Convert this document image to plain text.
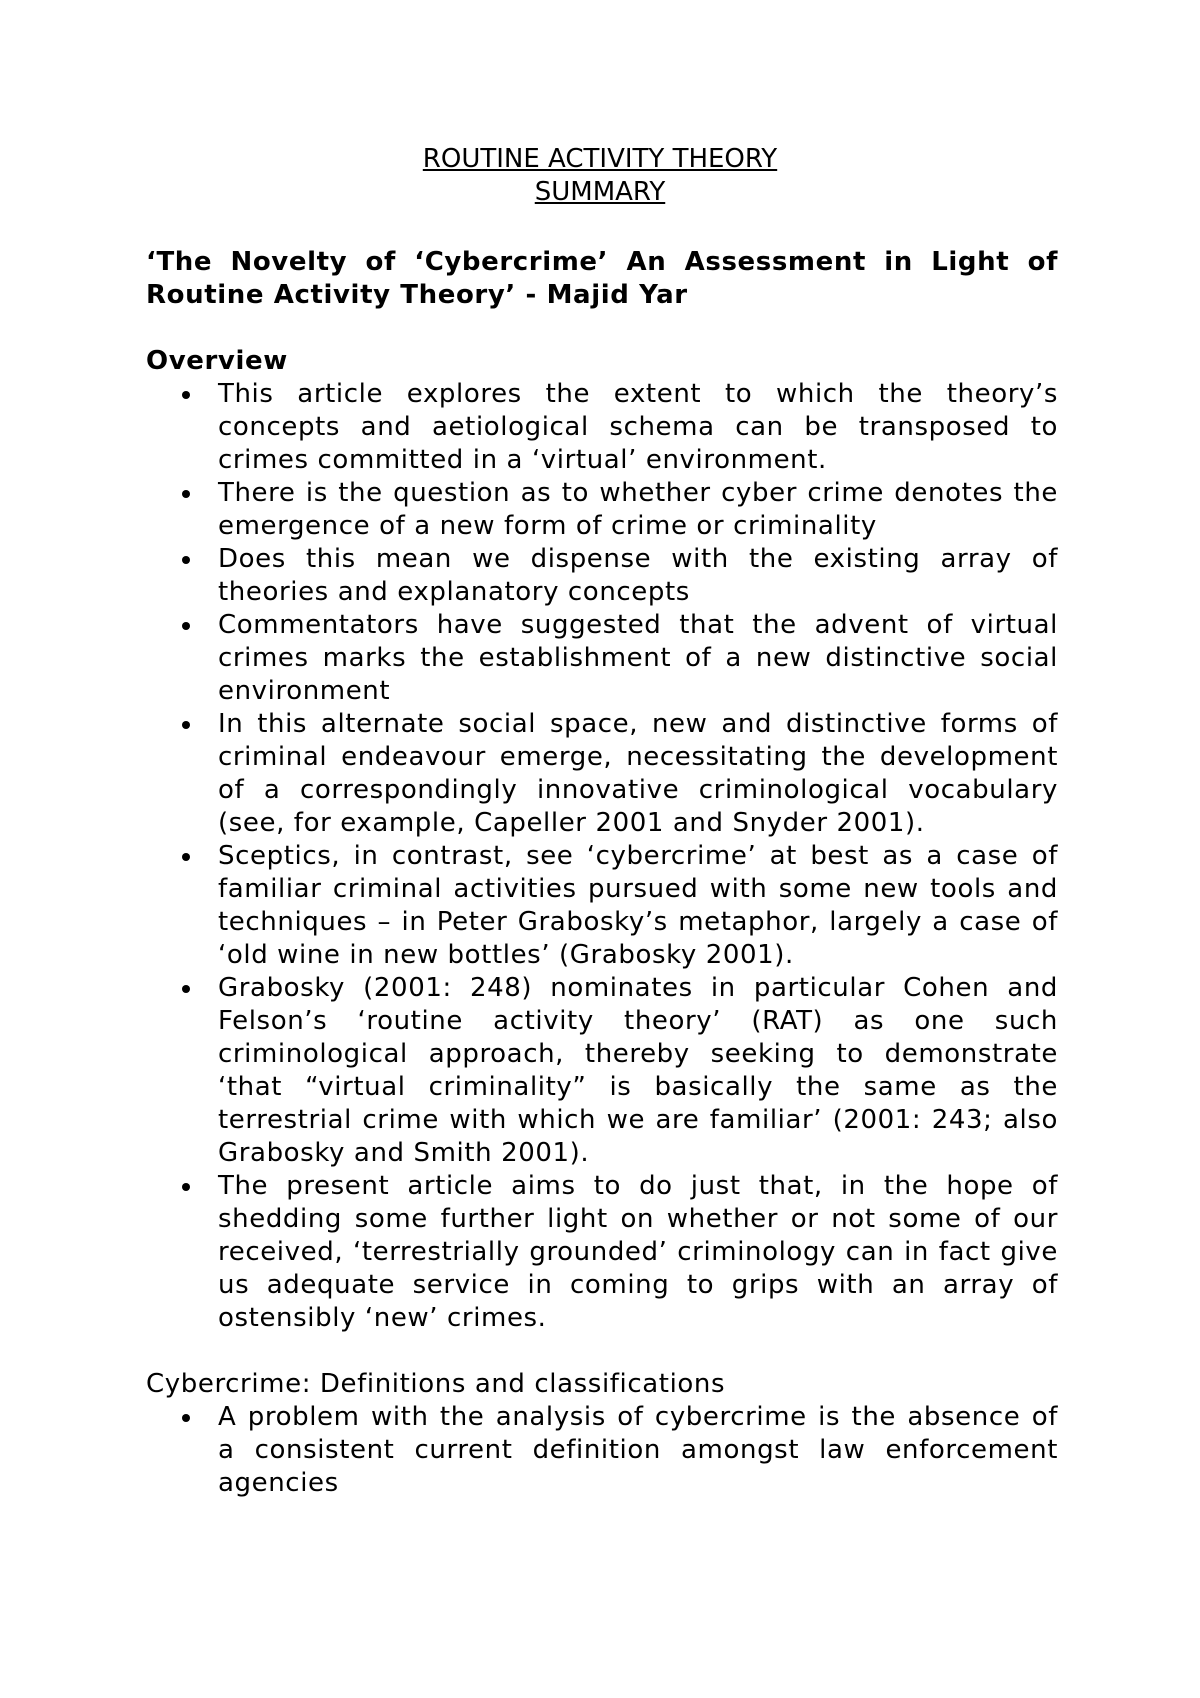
ROUTINE ACTIVITY THEORY
SUMMARY

‘The Novelty of ‘Cybercrime’ An Assessment in Light of Routine Activity Theory’ - Majid Yar

Overview

This article explores the extent to which the theory’s concepts and aetiological schema can be transposed to crimes committed in a ‘virtual’ environment.
There is the question as to whether cyber crime denotes the emergence of a new form of crime or criminality
Does this mean we dispense with the existing array of theories and explanatory concepts
Commentators have suggested that the advent of virtual crimes marks the establishment of a new distinctive social environment
In this alternate social space, new and distinctive forms of criminal endeavour emerge, necessitating the development of a correspondingly innovative criminological vocabulary (see, for example, Capeller 2001 and Snyder 2001).
Sceptics, in contrast, see ‘cybercrime’ at best as a case of familiar criminal activities pursued with some new tools and techniques – in Peter Grabosky’s metaphor, largely a case of ‘old wine in new bottles’ (Grabosky 2001).
Grabosky (2001: 248) nominates in particular Cohen and Felson’s ‘routine activity theory’ (RAT) as one such criminological approach, thereby seeking to demonstrate ‘that “virtual criminality” is basically the same as the terrestrial crime with which we are familiar’ (2001: 243; also Grabosky and Smith 2001).
The present article aims to do just that, in the hope of shedding some further light on whether or not some of our received, ‘terrestrially grounded’ criminology can in fact give us adequate service in coming to grips with an array of ostensibly ‘new’ crimes.

Cybercrime: Definitions and classifications

A problem with the analysis of cybercrime is the absence of a consistent current definition amongst law enforcement agencies
